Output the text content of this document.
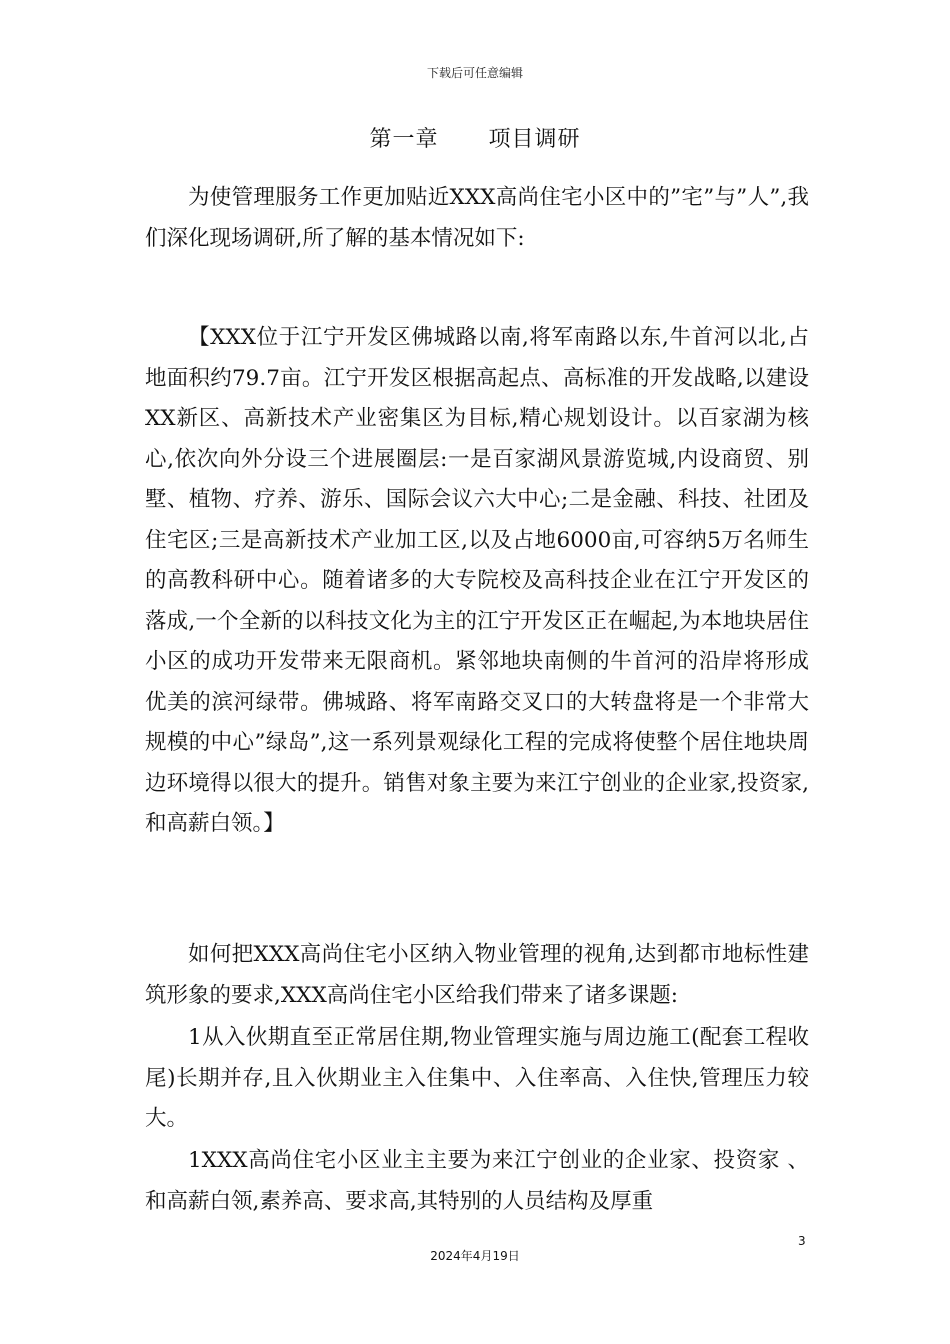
下载后可任意编辑
第一章 项目调研

为使管理服务工作更加贴近XXX高尚住宅小区中的”宅”与”人”,我们深化现场调研,所了解的基本情况如下:

【XXX位于江宁开发区佛城路以南,将军南路以东,牛首河以北,占地面积约79.7亩。江宁开发区根据高起点、高标准的开发战略,以建设XX新区、高新技术产业密集区为目标,精心规划设计。以百家湖为核心,依次向外分设三个进展圈层:一是百家湖风景游览城,内设商贸、别墅、植物、疗养、游乐、国际会议六大中心;二是金融、科技、社团及住宅区;三是高新技术产业加工区,以及占地6000亩,可容纳5万名师生的高教科研中心。随着诸多的大专院校及高科技企业在江宁开发区的落成,一个全新的以科技文化为主的江宁开发区正在崛起,为本地块居住小区的成功开发带来无限商机。紧邻地块南侧的牛首河的沿岸将形成优美的滨河绿带。佛城路、将军南路交叉口的大转盘将是一个非常大规模的中心”绿岛”,这一系列景观绿化工程的完成将使整个居住地块周边环境得以很大的提升。销售对象主要为来江宁创业的企业家,投资家,和高薪白领。】

如何把XXX高尚住宅小区纳入物业管理的视角,达到都市地标性建筑形象的要求,XXX高尚住宅小区给我们带来了诸多课题:

1从入伙期直至正常居住期,物业管理实施与周边施工(配套工程收尾)长期并存,且入伙期业主入住集中、入住率高、入住快,管理压力较大。

1XXX高尚住宅小区业主主要为来江宁创业的企业家、投资家 、和高薪白领,素养高、要求高,其特别的人员结构及厚重

3
2024年4月19日
